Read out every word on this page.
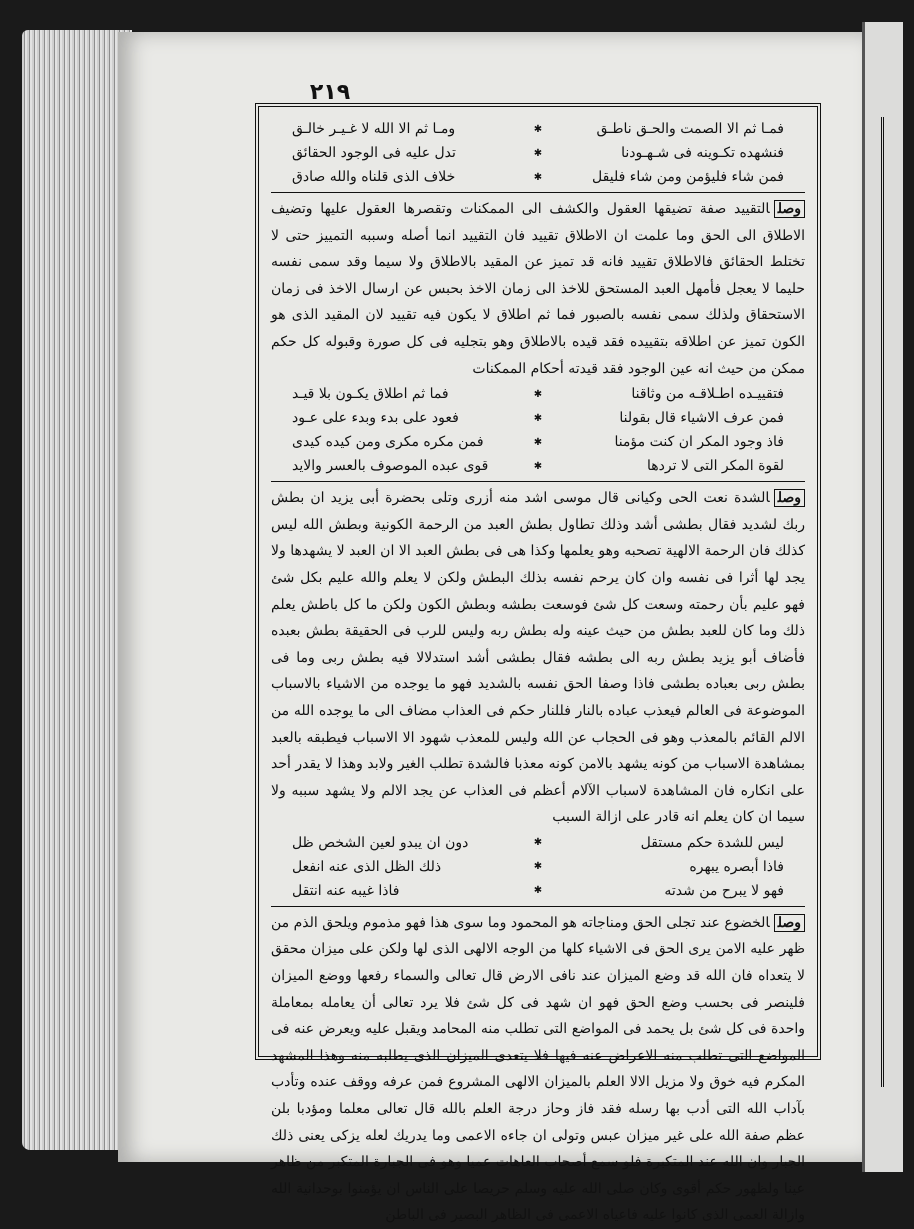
٢١٩
فمـا ثم الا الصمت والحـق ناطـق
✱
ومـا ثم الا الله لا غـيـر خالـق
فنشهده تكـوينه فى شـهـودنا
✱
تدل عليه فى الوجود الحقائق
فمن شاء فليؤمن ومن شاء فليقل
✱
خلاف الذى قلناه والله صادق

وصلالتقييد صفة تضيقها العقول والكشف الى الممكنات وتقصرها العقول عليها وتضيف الاطلاق الى الحق وما علمت ان الاطلاق تقييد فان التقييد انما أصله وسببه التمييز حتى لا تختلط الحقائق فالاطلاق تقييد فانه قد تميز عن المقيد بالاطلاق ولا سيما وقد سمى نفسه حليما لا يعجل فأمهل العبد المستحق للاخذ الى زمان الاخذ بحبس عن ارسال الاخذ فى زمان الاستحقاق ولذلك سمى نفسه بالصبور فما ثم اطلاق لا يكون فيه تقييد لان المقيد الذى هو الكون تميز عن اطلاقه بتقييده فقد قيده بالاطلاق وهو بتجليه فى كل صورة وقبوله كل حكم ممكن من حيث انه عين الوجود فقد قيدته أحكام الممكنات

فتقييـده اطـلاقـه من وثاقنا
✱
فما ثم اطلاق يكـون بلا قيـد
فمن عرف الاشياء قال بقولنا
✱
فعود على بدء وبدء على عـود
فاذ وجود المكر ان كنت مؤمنا
✱
فمن مكره مكرى ومن كيده كيدى
لقوة المكر التى لا تردها
✱
قوى عبده الموصوف بالعسر والايد

وصلالشدة نعت الحى وكيانى قال موسى اشد منه أزرى وتلى بحضرة أبى يزيد ان بطش ربك لشديد فقال بطشى أشد وذلك تطاول بطش العبد من الرحمة الكونية وبطش الله ليس كذلك فان الرحمة الالهية تصحبه وهو يعلمها وكذا هى فى بطش العبد الا ان العبد لا يشهدها ولا يجد لها أثرا فى نفسه وان كان يرحم نفسه بذلك البطش ولكن لا يعلم والله عليم بكل شئ فهو عليم بأن رحمته وسعت كل شئ فوسعت بطشه وبطش الكون ولكن ما كل باطش يعلم ذلك وما كان للعبد بطش من حيث عينه وله بطش ربه وليس للرب فى الحقيقة بطش بعبده فأضاف أبو يزيد بطش ربه الى بطشه فقال بطشى أشد استدلالا فيه بطش ربى وما فى بطش ربى بعباده بطشى فاذا وصفا الحق نفسه بالشديد فهو ما يوجده من الاشياء بالاسباب الموضوعة فى العالم فيعذب عباده بالنار فللنار حكم فى العذاب مضاف الى ما يوجده الله من الالم القائم بالمعذب وهو فى الحجاب عن الله وليس للمعذب شهود الا الاسباب فيطبقه بالعبد بمشاهدة الاسباب من كونه يشهد بالامن كونه معذبا فالشدة تطلب الغير ولابد وهذا لا يقدر أحد على انكاره فان المشاهدة لاسباب الآلام أعظم فى العذاب عن يجد الالم ولا يشهد سببه ولا سيما ان كان يعلم انه قادر على ازالة السبب

ليس للشدة حكم مستقل
✱
دون ان يبدو لعين الشخص ظل
فاذا أبصره يبهره
✱
ذلك الظل الذى عنه انفعل
فهو لا يبرح من شدته
✱
فاذا غيبه عنه انتقل

وصلالخضوع عند تجلى الحق ومناجاته هو المحمود وما سوى هذا فهو مذموم ويلحق الذم من ظهر عليه الامن يرى الحق فى الاشياء كلها من الوجه الالهى الذى لها ولكن على ميزان محقق لا يتعداه فان الله قد وضع الميزان عند نافى الارض قال تعالى والسماء رفعها ووضع الميزان فلينصر فى بحسب وضع الحق فهو ان شهد فى كل شئ فلا يرد تعالى أن يعامله بمعاملة واحدة فى كل شئ بل يحمد فى المواضع التى تطلب منه المحامد ويقبل عليه ويعرض عنه فى المواضع التى تطلب منه الاعراض عنه فيها فلا يتعدى الميزان الذى يطلبه منه وهذا المشهد المكرم فيه خوق ولا مزيل الالا العلم بالميزان الالهى المشروع فمن عرفه ووقف عنده وتأدب بآداب الله التى أدب بها رسله فقد فاز وحاز درجة العلم بالله قال تعالى معلما ومؤدبا بلن عظم صفة الله على غير ميزان عبس وتولى ان جاءه الاعمى وما يدريك لعله يزكى يعنى ذلك الجبار وان الله عند المتكبرة فلو سمع أصحاب العاهات عميا وهو فى الجبارة المتكبر من ظاهر عينا ولظهور حكم أقوى وكان صلى الله عليه وسلم حريصا على الناس ان يؤمنوا بوحدانية الله وازالة العمى الذى كانوا عليه فاعياه الاعمى فى الظاهر البصير فى الباطن
